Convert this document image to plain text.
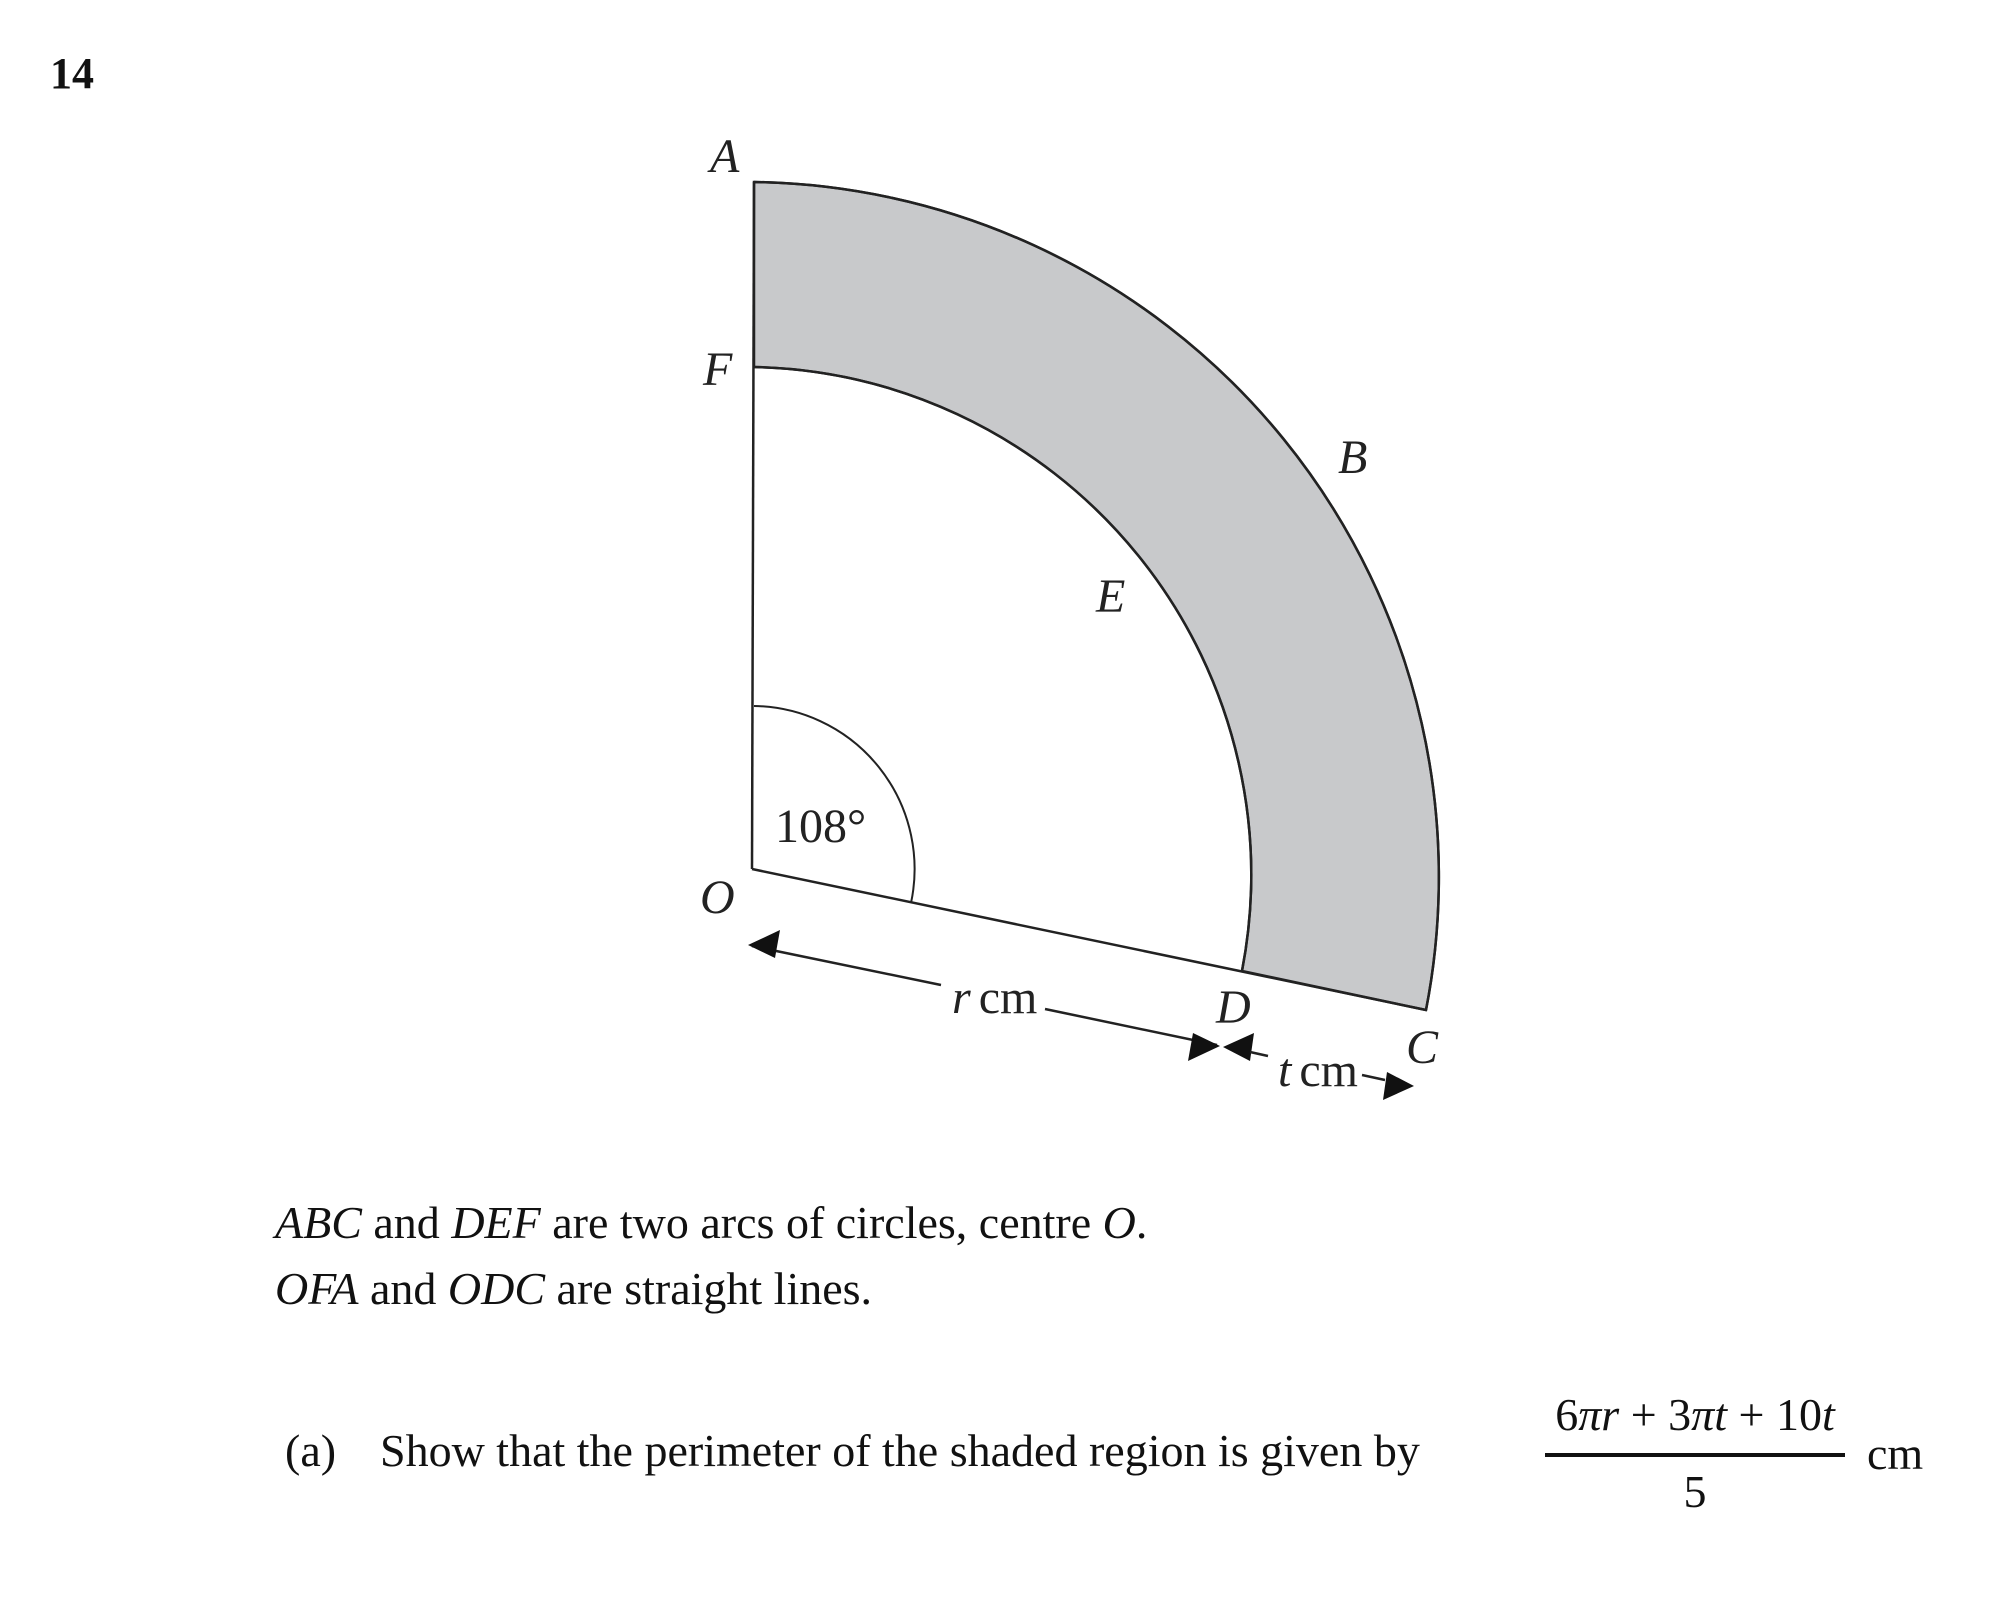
14
A
F
B
E
O
D
C
108°
r cm
t cm
ABC and DEF are two arcs of circles, centre O.
OFA and ODC are straight lines.
(a) Show that the perimeter of the shaded region is given by
6πr + 3πt + 10t
5
cm
